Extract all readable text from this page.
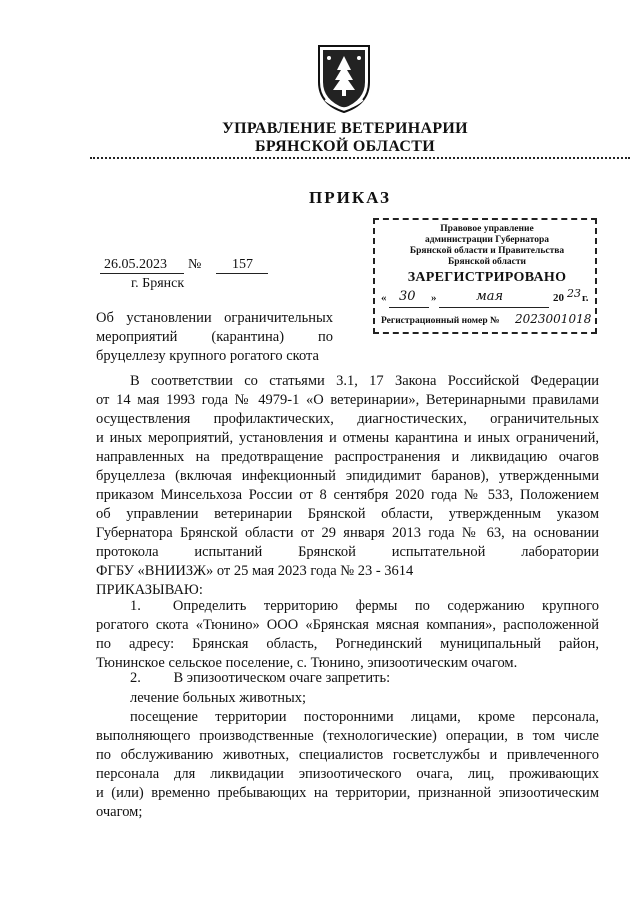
УПРАВЛЕНИЕ ВЕТЕРИНАРИИ
БРЯНСКОЙ ОБЛАСТИ
ПРИКАЗ
Правовое управление
администрации Губернатора
Брянской области и Правительства
Брянской области
ЗАРЕГИСТРИРОВАНО
« 30 »	мая	20 23 г.
Регистрационный номер № 2023001018
26.05.2023 № 157
г. Брянск
Об установлении ограничительных
мероприятий (карантина) по
бруцеллезу крупного рогатого скота
В соответствии со статьями 3.1, 17 Закона Российской Федерации
от 14 мая 1993 года № 4979-1 «О ветеринарии», Ветеринарными правилами
осуществления профилактических, диагностических, ограничительных
и иных мероприятий, установления и отмены карантина и иных ограничений,
направленных на предотвращение распространения и ликвидацию очагов
бруцеллеза (включая инфекционный эпидидимит баранов), утвержденными
приказом Минсельхоза России от 8 сентября 2020 года № 533, Положением
об управлении ветеринарии Брянской области, утвержденным указом
Губернатора Брянской области от 29 января 2013 года № 63, на основании
протокола испытаний Брянской испытательной лаборатории
ФГБУ «ВНИИЗЖ» от 25 мая 2023 года № 23 - 3614
ПРИКАЗЫВАЮ:
1.  Определить территорию фермы по содержанию крупного
рогатого скота «Тюнино» ООО «Брянская мясная компания», расположенной
по адресу: Брянская область, Рогнединский муниципальный район,
Тюнинское сельское поселение, с. Тюнино, эпизоотическим очагом.
2.   В эпизоотическом очаге запретить:
лечение больных животных;
посещение территории посторонними лицами, кроме персонала,
выполняющего производственные (технологические) операции, в том числе
по обслуживанию животных, специалистов госветслужбы и привлеченного
персонала для ликвидации эпизоотического очага, лиц, проживающих
и (или) временно пребывающих на территории, признанной эпизоотическим
очагом;
